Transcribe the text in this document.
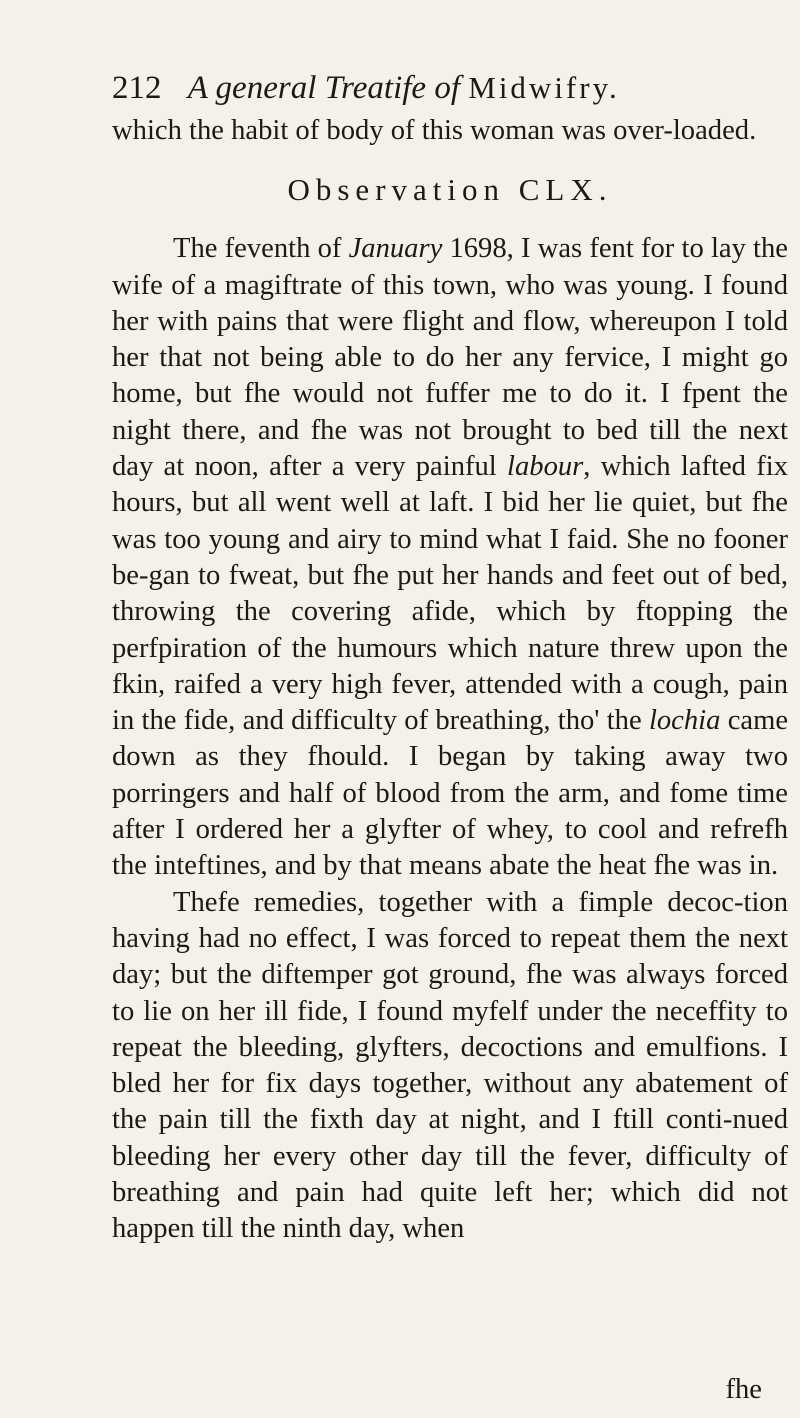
212 A general Treatife of Midwifry.

which the habit of body of this woman was over-loaded.

Observation CLX.

The feventh of January 1698, I was fent for to lay the wife of a magiftrate of this town, who was young. I found her with pains that were flight and flow, whereupon I told her that not being able to do her any fervice, I might go home, but fhe would not fuffer me to do it. I fpent the night there, and fhe was not brought to bed till the next day at noon, after a very painful labour, which lafted fix hours, but all went well at laft. I bid her lie quiet, but fhe was too young and airy to mind what I faid. She no fooner be-gan to fweat, but fhe put her hands and feet out of bed, throwing the covering afide, which by ftopping the perfpiration of the humours which nature threw upon the fkin, raifed a very high fever, attended with a cough, pain in the fide, and difficulty of breathing, tho' the lochia came down as they fhould. I began by taking away two porringers and half of blood from the arm, and fome time after I ordered her a glyfter of whey, to cool and refrefh the inteftines, and by that means abate the heat fhe was in.

Thefe remedies, together with a fimple decoc-tion having had no effect, I was forced to repeat them the next day; but the diftemper got ground, fhe was always forced to lie on her ill fide, I found myfelf under the neceffity to repeat the bleeding, glyfters, decoctions and emulfions. I bled her for fix days together, without any abatement of the pain till the fixth day at night, and I ftill conti-nued bleeding her every other day till the fever, difficulty of breathing and pain had quite left her; which did not happen till the ninth day, when

fhe
